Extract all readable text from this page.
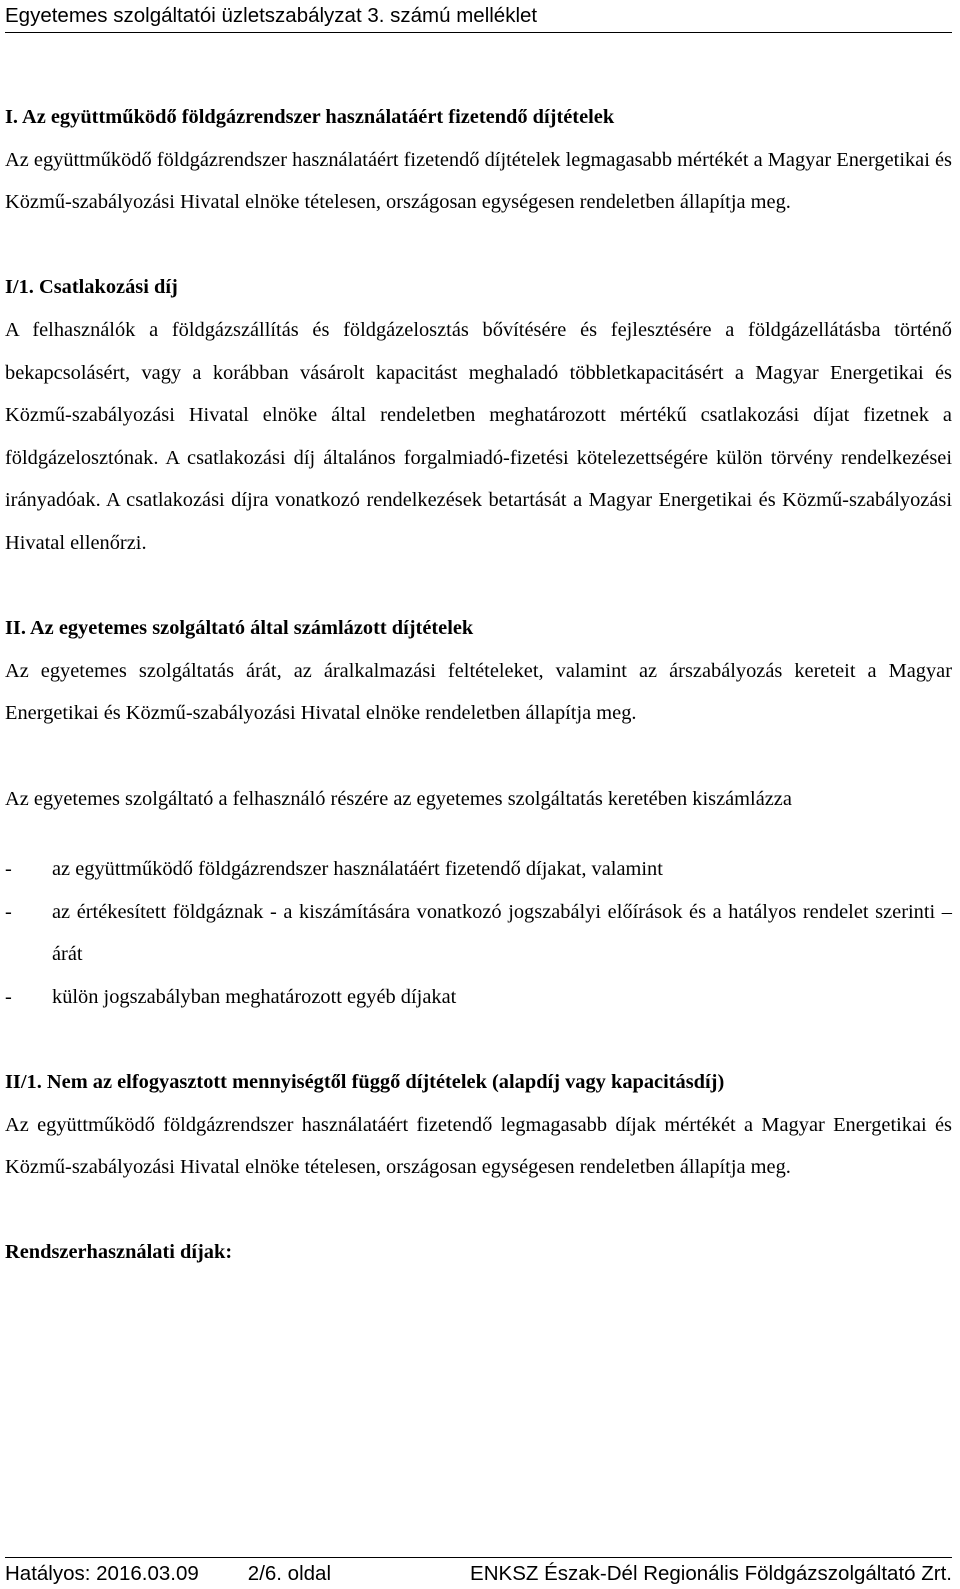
Egyetemes szolgáltatói üzletszabályzat 3. számú melléklet
I. Az együttműködő földgázrendszer használatáért fizetendő díjtételek

Az együttműködő földgázrendszer használatáért fizetendő díjtételek legmagasabb mértékét a Magyar Energetikai és Közmű-szabályozási Hivatal elnöke tételesen, országosan egységesen rendeletben állapítja meg.

I/1. Csatlakozási díj

A felhasználók a földgázszállítás és földgázelosztás bővítésére és fejlesztésére a földgázellátásba történő bekapcsolásért, vagy a korábban vásárolt kapacitást meghaladó többletkapacitásért a Magyar Energetikai és Közmű-szabályozási Hivatal elnöke által rendeletben meghatározott mértékű csatlakozási díjat fizetnek a földgázelosztónak. A csatlakozási díj általános forgalmiadó-fizetési kötelezettségére külön törvény rendelkezései irányadóak. A csatlakozási díjra vonatkozó rendelkezések betartását a Magyar Energetikai és Közmű-szabályozási Hivatal ellenőrzi.

II. Az egyetemes szolgáltató által számlázott díjtételek

Az egyetemes szolgáltatás árát, az áralkalmazási feltételeket, valamint az árszabályozás kereteit a Magyar Energetikai és Közmű-szabályozási Hivatal elnöke rendeletben állapítja meg.

Az egyetemes szolgáltató a felhasználó részére az egyetemes szolgáltatás keretében kiszámlázza

- az együttműködő földgázrendszer használatáért fizetendő díjakat, valamint
- az értékesített földgáznak - a kiszámítására vonatkozó jogszabályi előírások és a hatályos rendelet szerinti – árát
- külön jogszabályban meghatározott egyéb díjakat
II/1. Nem az elfogyasztott mennyiségtől függő díjtételek (alapdíj vagy kapacitásdíj)

Az együttműködő földgázrendszer használatáért fizetendő legmagasabb díjak mértékét a Magyar Energetikai és Közmű-szabályozási Hivatal elnöke tételesen, országosan egységesen rendeletben állapítja meg.

Rendszerhasználati díjak:
Hatályos: 2016.03.09 2/6. oldal	ENKSZ Észak-Dél Regionális Földgázszolgáltató Zrt.
